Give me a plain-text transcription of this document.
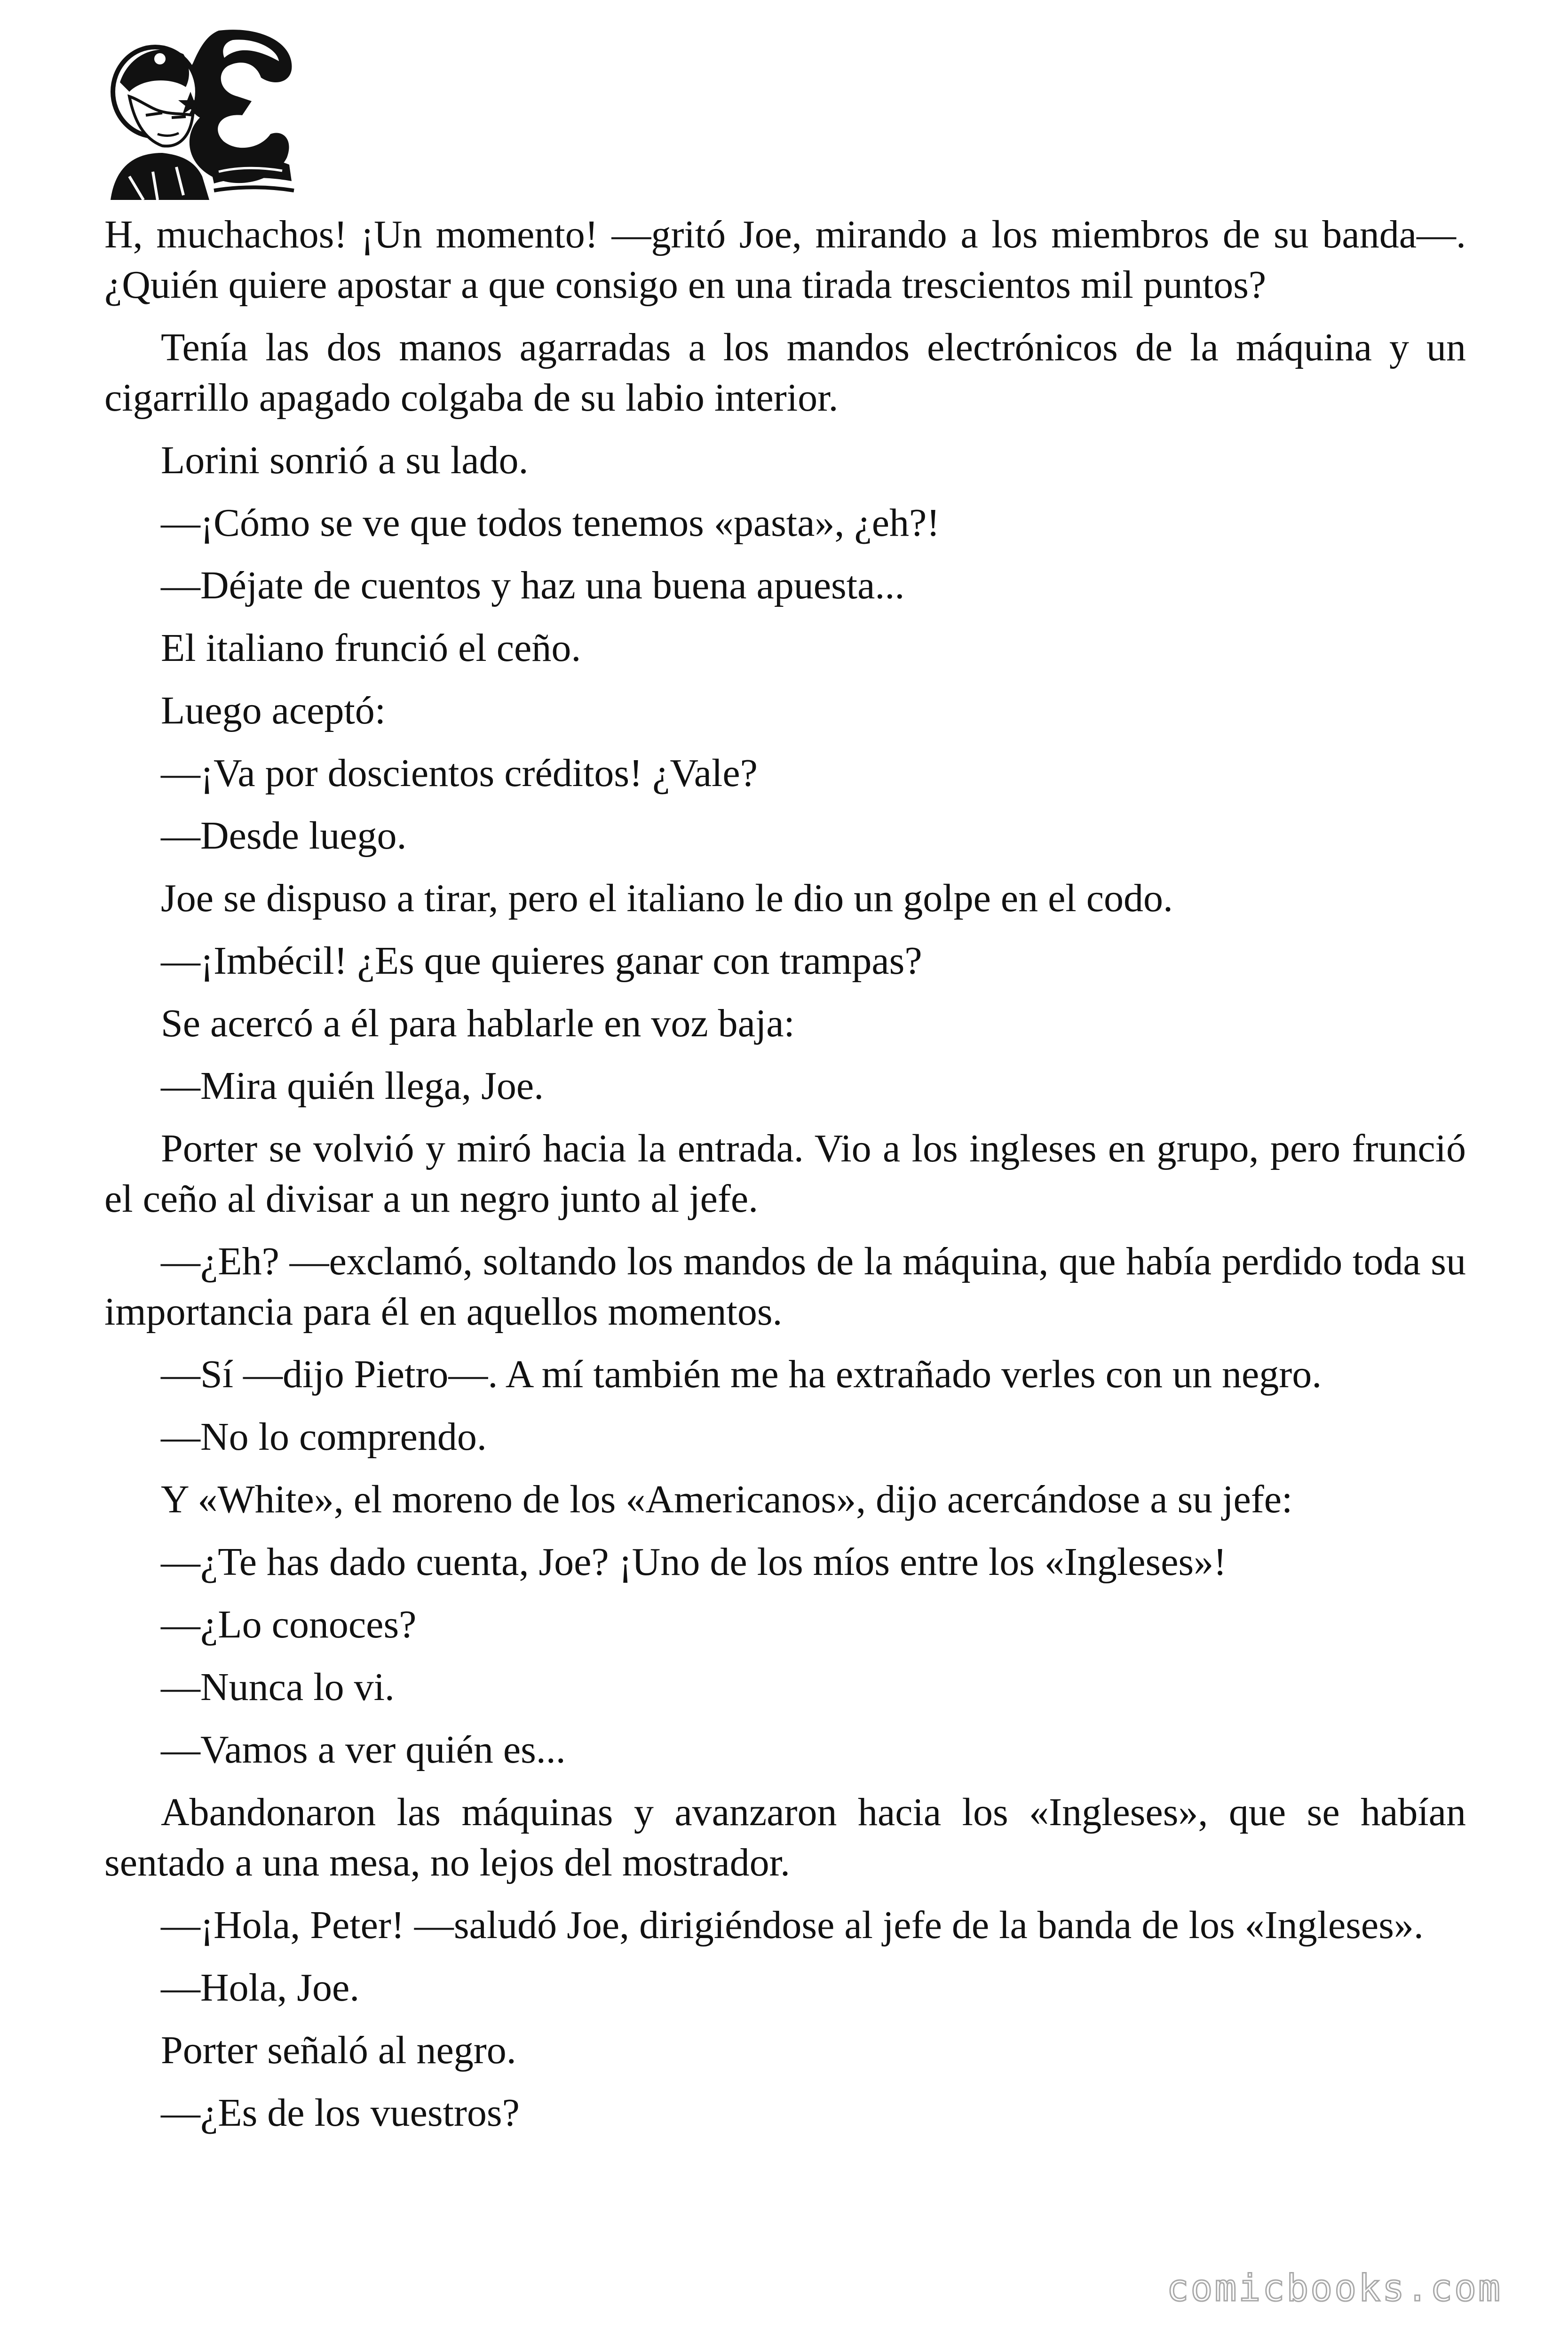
H, muchachos! ¡Un momento! —gritó Joe, mirando a los miembros de su banda—. ¿Quién quiere apostar a que consigo en una tirada trescientos mil puntos?

Tenía las dos manos agarradas a los mandos electrónicos de la máquina y un cigarrillo apagado colgaba de su labio interior.

Lorini sonrió a su lado.

—¡Cómo se ve que todos tenemos «pasta», ¿eh?!

—Déjate de cuentos y haz una buena apuesta...

El italiano frunció el ceño.

Luego aceptó:

—¡Va por doscientos créditos! ¿Vale?

—Desde luego.

Joe se dispuso a tirar, pero el italiano le dio un golpe en el codo.

—¡Imbécil! ¿Es que quieres ganar con trampas?

Se acercó a él para hablarle en voz baja:

—Mira quién llega, Joe.

Porter se volvió y miró hacia la entrada. Vio a los ingleses en grupo, pero frunció el ceño al divisar a un negro junto al jefe.

—¿Eh? —exclamó, soltando los mandos de la máquina, que había perdido toda su importancia para él en aquellos momentos.

—Sí —dijo Pietro—. A mí también me ha extrañado verles con un negro.

—No lo comprendo.

Y «White», el moreno de los «Americanos», dijo acercándose a su jefe:

—¿Te has dado cuenta, Joe? ¡Uno de los míos entre los «Ingleses»!

—¿Lo conoces?

—Nunca lo vi.

—Vamos a ver quién es...

Abandonaron las máquinas y avanzaron hacia los «Ingleses», que se habían sentado a una mesa, no lejos del mostrador.

—¡Hola, Peter! —saludó Joe, dirigiéndose al jefe de la banda de los «Ingleses».

—Hola, Joe.

Porter señaló al negro.

—¿Es de los vuestros?

comicbooks.com
